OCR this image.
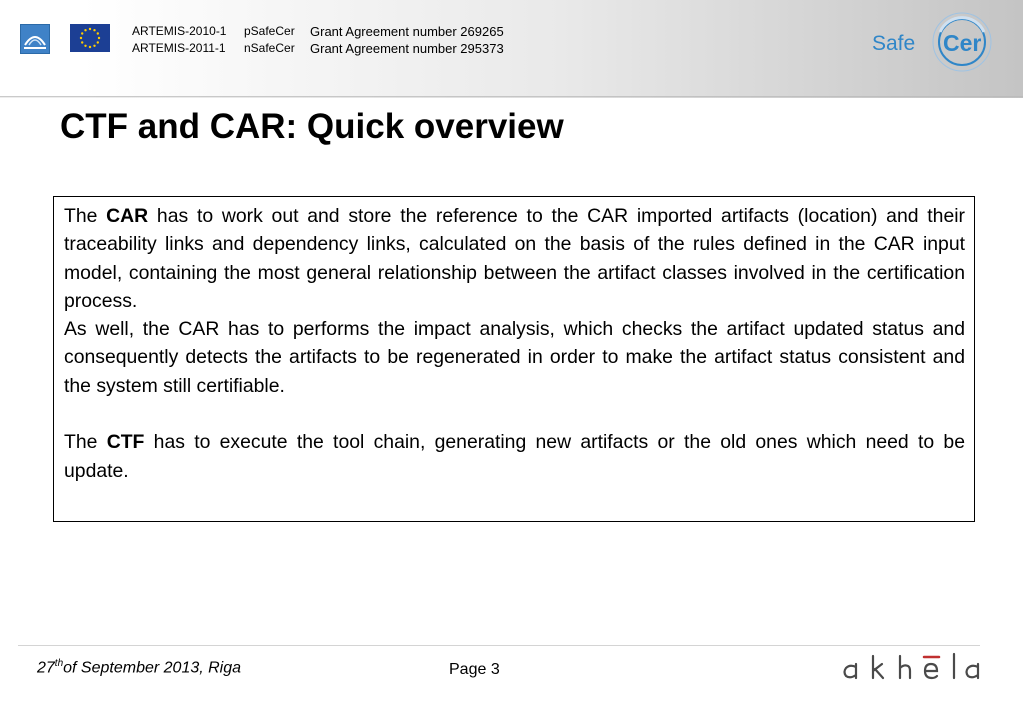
ARTEMIS-2010-1	pSafeCer	Grant Agreement number 269265
ARTEMIS-2011-1	nSafeCer	Grant Agreement number 295373	Safe Cer
CTF and CAR: Quick overview

The CAR has to work out and store the reference to the CAR imported artifacts (location) and their traceability links and dependency links, calculated on the basis of the rules defined in the CAR input model, containing the most general relationship between the artifact classes involved in the certification process.

As well, the CAR has to performs the impact analysis, which checks the artifact updated status and consequently detects the artifacts to be regenerated in order to make the artifact status consistent and the system still certifiable.

The CTF has to execute the tool chain, generating new artifacts or the old ones which need to be update.

27thof September 2013, Riga	Page 3
